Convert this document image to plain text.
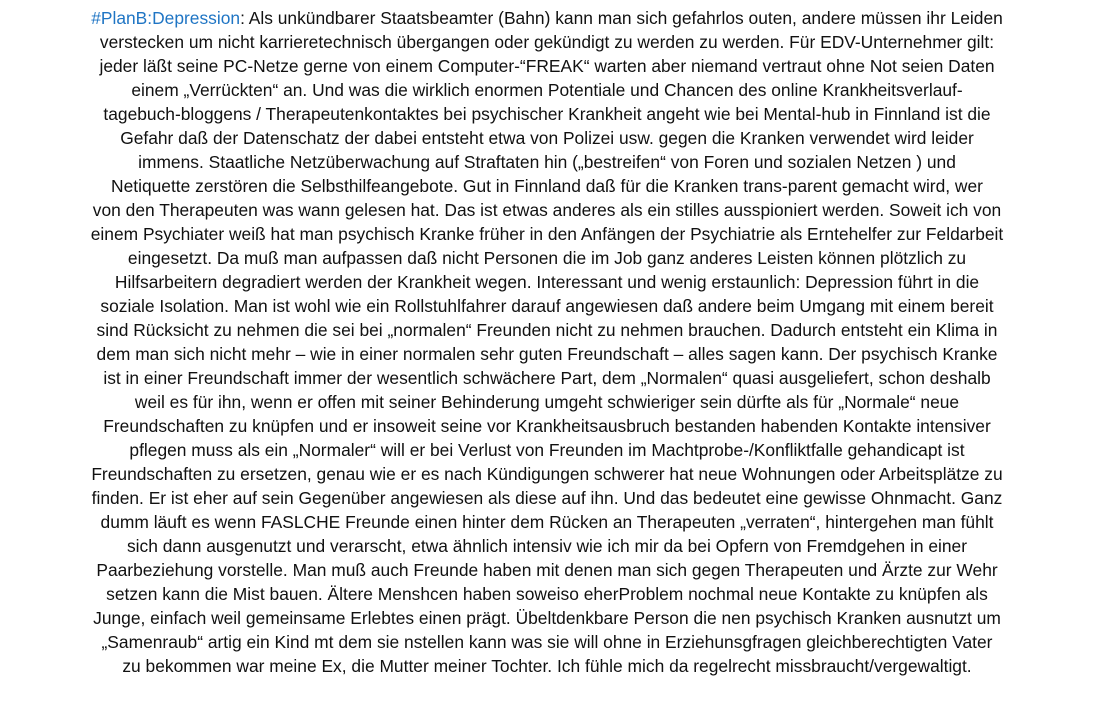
#PlanB:Depression: Als unkündbarer Staatsbeamter (Bahn) kann man sich gefahrlos outen, andere müssen ihr Leiden
verstecken um nicht karrieretechnisch übergangen oder gekündigt zu werden zu werden. Für EDV-Unternehmer gilt:
jeder läßt seine PC-Netze gerne von einem Computer-“FREAK“ warten aber niemand vertraut ohne Not seien Daten
einem „Verrückten“ an. Und was die wirklich enormen Potentiale und Chancen des online Krankheitsverlauf-
tagebuch-bloggens / Therapeutenkontaktes bei psychischer Krankheit angeht wie bei Mental-hub in Finnland ist die
Gefahr daß der Datenschatz der dabei entsteht etwa von Polizei usw. gegen die Kranken verwendet wird leider
immens. Staatliche Netzüberwachung auf Straftaten hin („bestreifen“ von Foren und sozialen Netzen ) und
Netiquette zerstören die Selbsthilfeangebote. Gut in Finnland daß für die Kranken trans-parent gemacht wird, wer
von den Therapeuten was wann gelesen hat. Das ist etwas anderes als ein stilles ausspioniert werden. Soweit ich von
einem Psychiater weiß hat man psychisch Kranke früher in den Anfängen der Psychiatrie als Erntehelfer zur Feldarbeit
eingesetzt. Da muß man aufpassen daß nicht Personen die im Job ganz anderes Leisten können plötzlich zu
Hilfsarbeitern degradiert werden der Krankheit wegen. Interessant und wenig erstaunlich: Depression führt in die
soziale Isolation. Man ist wohl wie ein Rollstuhlfahrer darauf angewiesen daß andere beim Umgang mit einem bereit
sind Rücksicht zu nehmen die sei bei „normalen“ Freunden nicht zu nehmen brauchen. Dadurch entsteht ein Klima in
dem man sich nicht mehr – wie in einer normalen sehr guten Freundschaft – alles sagen kann. Der psychisch Kranke
ist in einer Freundschaft immer der wesentlich schwächere Part, dem „Normalen“ quasi ausgeliefert, schon deshalb
weil es für ihn, wenn er offen mit seiner Behinderung umgeht schwieriger sein dürfte als für „Normale“ neue
Freundschaften zu knüpfen und er insoweit seine vor Krankheitsausbruch bestanden habenden Kontakte intensiver
pflegen muss als ein „Normaler“ will er bei Verlust von Freunden im Machtprobe-/Konfliktfalle gehandicapt ist
Freundschaften zu ersetzen, genau wie er es nach Kündigungen schwerer hat neue Wohnungen oder Arbeitsplätze zu
finden. Er ist eher auf sein Gegenüber angewiesen als diese auf ihn. Und das bedeutet eine gewisse Ohnmacht. Ganz
dumm läuft es wenn FASLCHE Freunde einen hinter dem Rücken an Therapeuten „verraten“, hintergehen man fühlt
sich dann ausgenutzt und verarscht, etwa ähnlich intensiv wie ich mir da bei Opfern von Fremdgehen in einer
Paarbeziehung vorstelle. Man muß auch Freunde haben mit denen man sich gegen Therapeuten und Ärzte zur Wehr
setzen kann die Mist bauen. Ältere Menshcen haben soweiso eherProblem nochmal neue Kontakte zu knüpfen als
Junge, einfach weil gemeinsame Erlebtes einen prägt. Übeltdenkbare Person die nen psychisch Kranken ausnutzt um
„Samenraub“ artig ein Kind mt dem sie nstellen kann was sie will ohne in Erziehunsgfragen gleichberechtigten Vater
zu bekommen war meine Ex, die Mutter meiner Tochter. Ich fühle mich da regelrecht missbraucht/vergewaltigt.
